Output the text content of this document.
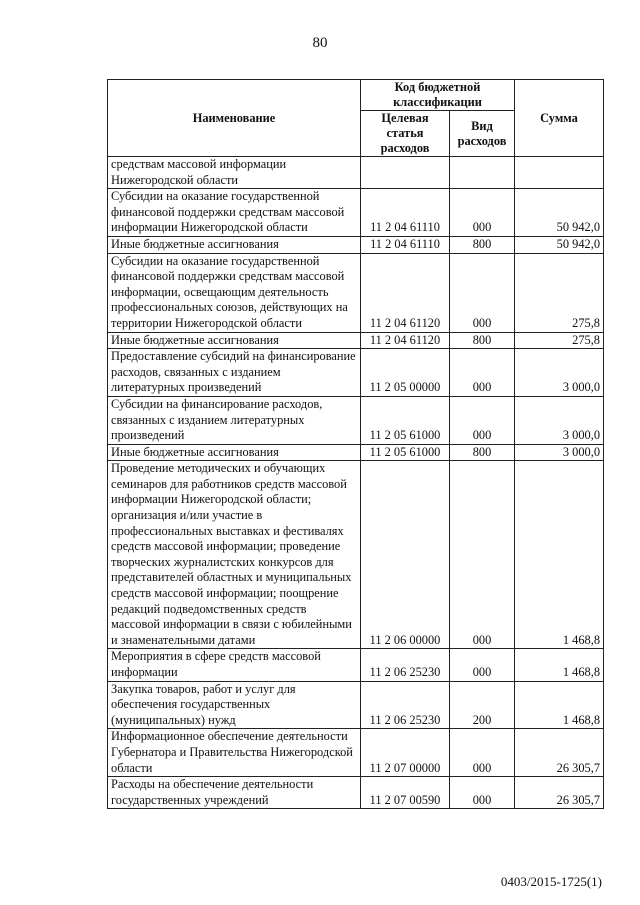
80
Наименование	Код бюджетной классификации		Сумма
	Целевая статья расходов	Вид расходов	
средствам массовой информации Нижегородской области			
Субсидии на оказание государственной финансовой поддержки средствам массовой информации Нижегородской области	11 2 04 61110	000	50 942,0
Иные бюджетные ассигнования	11 2 04 61110	800	50 942,0
Субсидии на оказание государственной финансовой поддержки средствам массовой информации, освещающим деятельность профессиональных союзов, действующих на территории Нижегородской области	11 2 04 61120	000	275,8
Иные бюджетные ассигнования	11 2 04 61120	800	275,8
Предоставление субсидий на финансирование расходов, связанных с изданием литературных произведений	11 2 05 00000	000	3 000,0
Субсидии на финансирование расходов, связанных с изданием литературных произведений	11 2 05 61000	000	3 000,0
Иные бюджетные ассигнования	11 2 05 61000	800	3 000,0
Проведение методических и обучающих семинаров для работников средств массовой информации Нижегородской области; организация и/или участие в профессиональных выставках и фестивалях средств массовой информации; проведение творческих журналистских конкурсов для представителей областных и муниципальных средств массовой информации; поощрение редакций подведомственных средств массовой информации в связи с юбилейными и знаменательными датами	11 2 06 00000	000	1 468,8
Мероприятия в сфере средств массовой информации	11 2 06 25230	000	1 468,8
Закупка товаров, работ и услуг для обеспечения государственных (муниципальных) нужд	11 2 06 25230	200	1 468,8
Информационное обеспечение деятельности Губернатора и Правительства Нижегородской области	11 2 07 00000	000	26 305,7
Расходы на обеспечение деятельности государственных учреждений	11 2 07 00590	000	26 305,7
0403/2015-1725(1)
